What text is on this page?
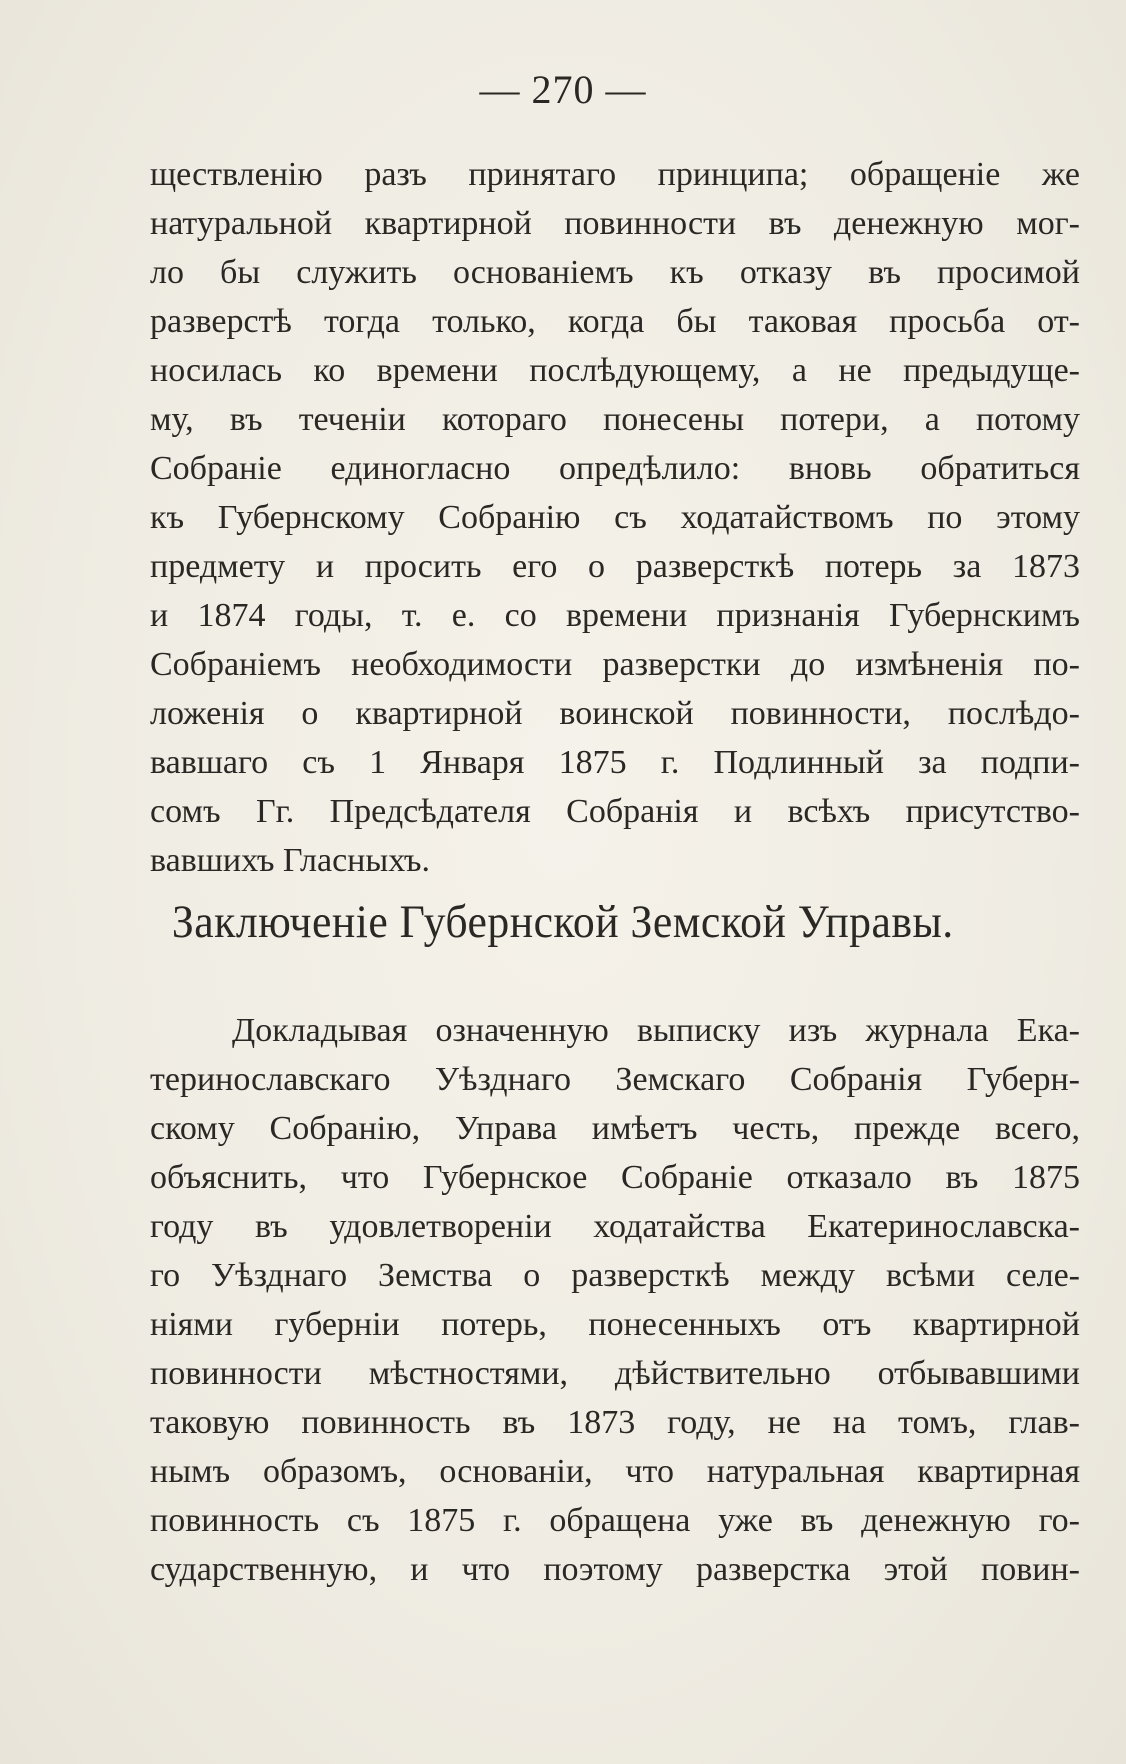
— 270 —
ществленію разъ принятаго принципа; обращеніе же
натуральной квартирной повинности въ денежную мог-
ло бы служить основаніемъ къ отказу въ просимой
разверстѣ тогда только, когда бы таковая просьба от-
носилась ко времени послѣдующему, а не предыдуще-
му, въ теченіи котораго понесены потери, а потому
Собраніе единогласно опредѣлило: вновь обратиться
къ Губернскому Собранію съ ходатайствомъ по этому
предмету и просить его о разверсткѣ потерь за 1873
и 1874 годы, т. е. со времени признанія Губернскимъ
Собраніемъ необходимости разверстки до измѣненія по-
ложенія о квартирной воинской повинности, послѣдо-
вавшаго съ 1 Января 1875 г. Подлинный за подпи-
сомъ Гг. Предсѣдателя Собранія и всѣхъ присутство-
вавшихъ Гласныхъ.
Заключеніе Губернской Земской Управы.
Докладывая означенную выписку изъ журнала Ека-
теринославскаго Уѣзднаго Земскаго Собранія Губерн-
скому Собранію, Управа имѣетъ честь, прежде всего,
объяснить, что Губернское Собраніе отказало въ 1875
году въ удовлетвореніи ходатайства Екатеринославска-
го Уѣзднаго Земства о разверсткѣ между всѣми селе-
ніями губерніи потерь, понесенныхъ отъ квартирной
повинности мѣстностями, дѣйствительно отбывавшими
таковую повинность въ 1873 году, не на томъ, глав-
нымъ образомъ, основаніи, что натуральная квартирная
повинность съ 1875 г. обращена уже въ денежную го-
сударственную, и что поэтому разверстка этой повин-
